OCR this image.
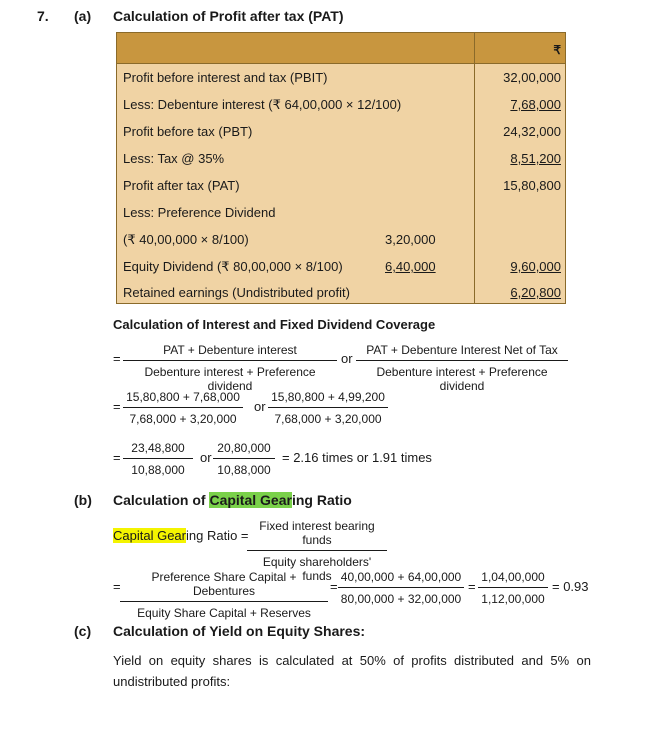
7. (a) Calculation of Profit after tax (PAT)
₹
Profit before interest and tax (PBIT)	32,00,000
Less: Debenture interest (₹ 64,00,000 × 12/100)	7,68,000
Profit before tax (PBT)	24,32,000
Less: Tax @ 35%	8,51,200
Profit after tax (PAT)	15,80,800
Less: Preference Dividend
(₹ 40,00,000 × 8/100)	3,20,000
Equity Dividend (₹ 80,00,000 × 8/100)	6,40,000	9,60,000
Retained earnings (Undistributed profit)	6,20,800
Calculation of Interest and Fixed Dividend Coverage
=
PAT + Debenture interest
Debenture interest + Preference dividend
or
PAT + Debenture Interest Net of Tax
Debenture interest + Preference dividend
= $\frac{15,80,800 + 7,68,000}{7,68,000 + 3,20,000}$ or $\frac{15,80,800 + 4,99,200}{7,68,000 + 3,20,000}$
= $\frac{23,48,800}{10,88,000}$ or $\frac{20,80,000}{10,88,000} = 2.16$ times or 1.91 times
(b) Calculation of Capital Gearing Ratio
Capital Gearing Ratio =
Fixed interest bearing funds
Equity shareholders' funds
=
Preference Share Capital + Debentures
Equity Share Capital + Reserves
= $\frac{40,00,000 + 64,00,000}{80,00,000 + 32,00,000} = \frac{1,04,00,000}{1,12,00,000} = 0.93$
(c) Calculation of Yield on Equity Shares:
Yield on equity shares is calculated at 50% of profits distributed and 5% on undistributed profits:
